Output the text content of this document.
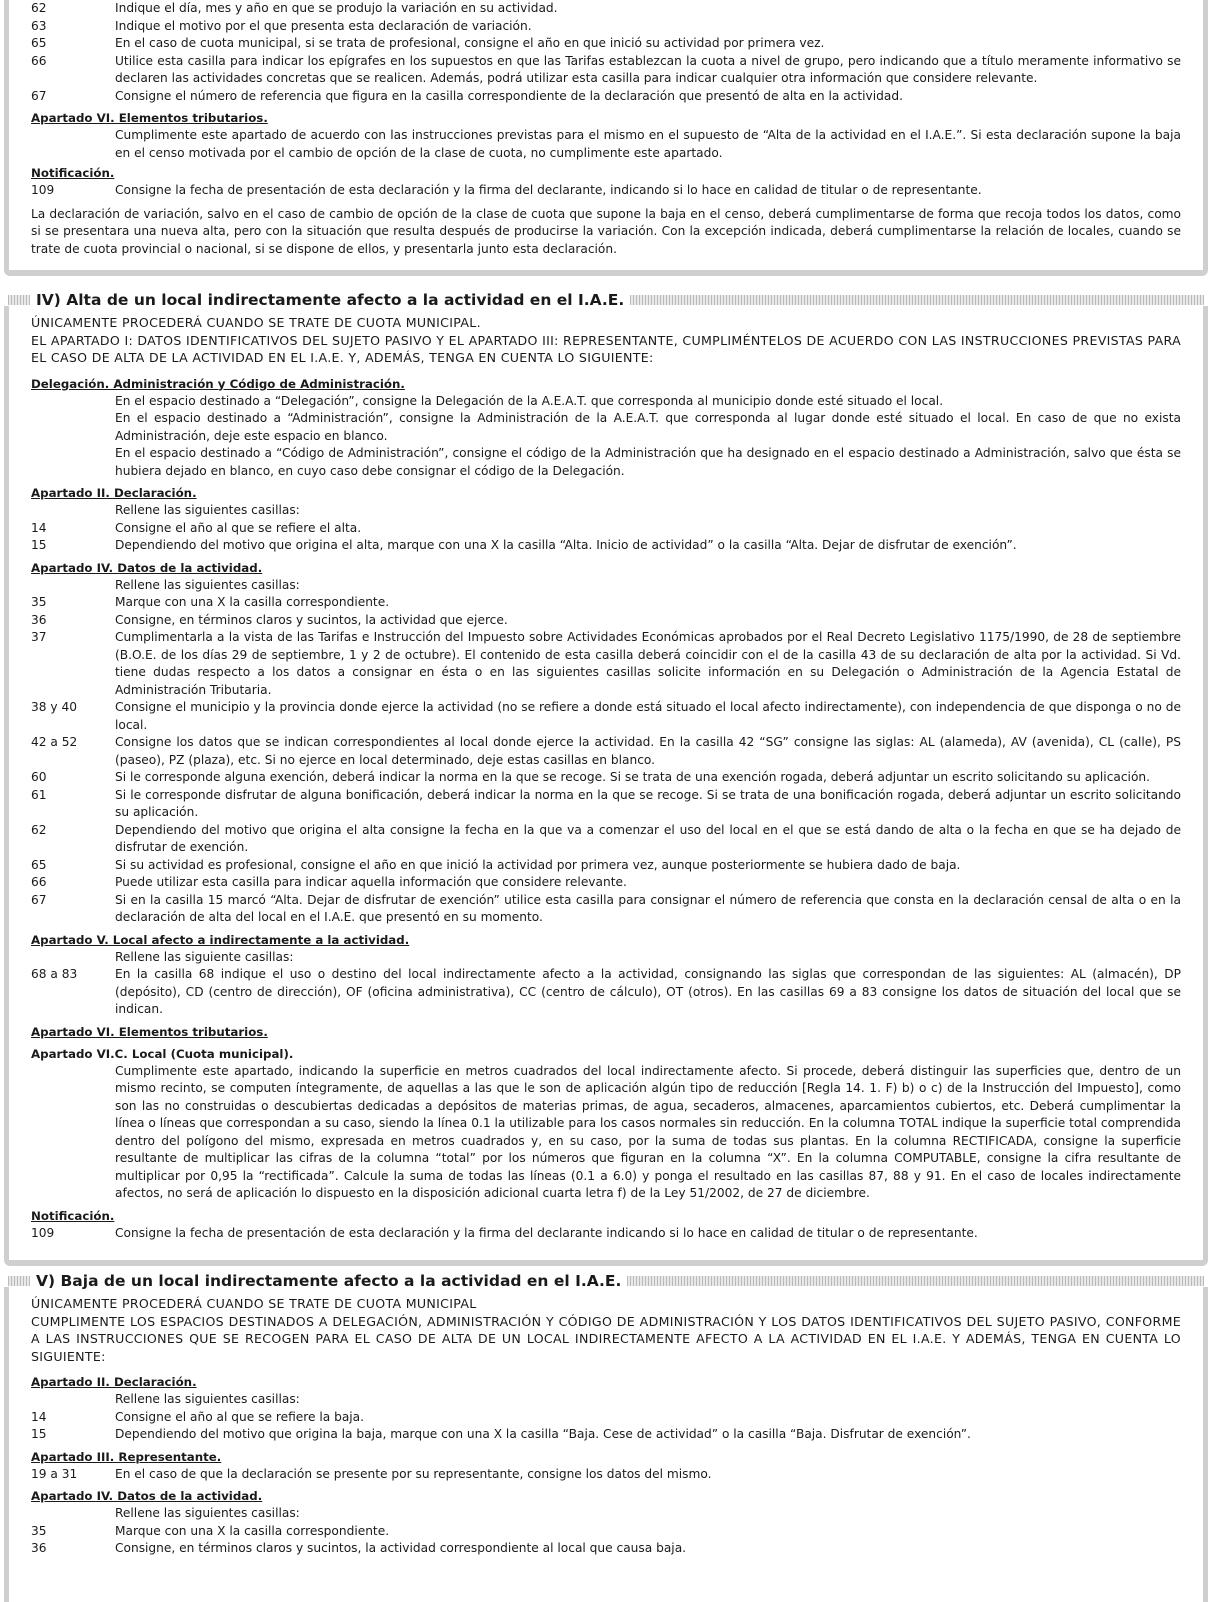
62	Indique el día, mes y año en que se produjo la variación en su actividad.
63	Indique el motivo por el que presenta esta declaración de variación.
65	En el caso de cuota municipal, si se trata de profesional, consigne el año en que inició su actividad por primera vez.
66	Utilice esta casilla para indicar los epígrafes en los supuestos en que las Tarifas establezcan la cuota a nivel de grupo, pero indicando que a título meramente informativo se declaren las actividades concretas que se realicen. Además, podrá utilizar esta casilla para indicar cualquier otra información que considere relevante.
67	Consigne el número de referencia que figura en la casilla correspondiente de la declaración que presentó de alta en la actividad.
Apartado VI. Elementos tributarios.
Cumplimente este apartado de acuerdo con las instrucciones previstas para el mismo en el supuesto de “Alta de la actividad en el I.A.E.”. Si esta declaración supone la baja en el censo motivada por el cambio de opción de la clase de cuota, no cumplimente este apartado.
Notificación.
109	Consigne la fecha de presentación de esta declaración y la firma del declarante, indicando si lo hace en calidad de titular o de representante.
La declaración de variación, salvo en el caso de cambio de opción de la clase de cuota que supone la baja en el censo, deberá cumplimentarse de forma que recoja todos los datos, como si se presentara una nueva alta, pero con la situación que resulta después de producirse la variación. Con la excepción indicada, deberá cumplimentarse la relación de locales, cuando se trate de cuota provincial o nacional, si se dispone de ellos, y presentarla junto esta declaración.
IV) Alta de un local indirectamente afecto a la actividad en el I.A.E.
ÚNICAMENTE PROCEDERÁ CUANDO SE TRATE DE CUOTA MUNICIPAL.
EL APARTADO I: DATOS IDENTIFICATIVOS DEL SUJETO PASIVO Y EL APARTADO III: REPRESENTANTE, CUMPLIMÉNTELOS DE ACUERDO CON LAS INSTRUCCIONES PREVISTAS PARA EL CASO DE ALTA DE LA ACTIVIDAD EN EL I.A.E. Y, ADEMÁS, TENGA EN CUENTA LO SIGUIENTE:
Delegación. Administración y Código de Administración.
En el espacio destinado a “Delegación”, consigne la Delegación de la A.E.A.T. que corresponda al municipio donde esté situado el local.
En el espacio destinado a “Administración”, consigne la Administración de la A.E.A.T. que corresponda al lugar donde esté situado el local. En caso de que no exista Administración, deje este espacio en blanco.
En el espacio destinado a “Código de Administración”, consigne el código de la Administración que ha designado en el espacio destinado a Administración, salvo que ésta se hubiera dejado en blanco, en cuyo caso debe consignar el código de la Delegación.
Apartado II. Declaración.
Rellene las siguientes casillas:
14	Consigne el año al que se refiere el alta.
15	Dependiendo del motivo que origina el alta, marque con una X la casilla “Alta. Inicio de actividad” o la casilla “Alta. Dejar de disfrutar de exención”.
Apartado IV. Datos de la actividad.
Rellene las siguientes casillas:
35	Marque con una X la casilla correspondiente.
36	Consigne, en términos claros y sucintos, la actividad que ejerce.
37	Cumplimentarla a la vista de las Tarifas e Instrucción del Impuesto sobre Actividades Económicas aprobados por el Real Decreto Legislativo 1175/1990, de 28 de septiembre (B.O.E. de los días 29 de septiembre, 1 y 2 de octubre). El contenido de esta casilla deberá coincidir con el de la casilla 43 de su declaración de alta por la actividad. Si Vd. tiene dudas respecto a los datos a consignar en ésta o en las siguientes casillas solicite información en su Delegación o Administración de la Agencia Estatal de Administración Tributaria.
38 y 40	Consigne el municipio y la provincia donde ejerce la actividad (no se refiere a donde está situado el local afecto indirectamente), con independencia de que disponga o no de local.
42 a 52	Consigne los datos que se indican correspondientes al local donde ejerce la actividad. En la casilla 42 “SG” consigne las siglas: AL (alameda), AV (avenida), CL (calle), PS (paseo), PZ (plaza), etc. Si no ejerce en local determinado, deje estas casillas en blanco.
60	Si le corresponde alguna exención, deberá indicar la norma en la que se recoge. Si se trata de una exención rogada, deberá adjuntar un escrito solicitando su aplicación.
61	Si le corresponde disfrutar de alguna bonificación, deberá indicar la norma en la que se recoge. Si se trata de una bonificación rogada, deberá adjuntar un escrito solicitando su aplicación.
62	Dependiendo del motivo que origina el alta consigne la fecha en la que va a comenzar el uso del local en el que se está dando de alta o la fecha en que se ha dejado de disfrutar de exención.
65	Si su actividad es profesional, consigne el año en que inició la actividad por primera vez, aunque posteriormente se hubiera dado de baja.
66	Puede utilizar esta casilla para indicar aquella información que considere relevante.
67	Si en la casilla 15 marcó “Alta. Dejar de disfrutar de exención” utilice esta casilla para consignar el número de referencia que consta en la declaración censal de alta o en la declaración de alta del local en el I.A.E. que presentó en su momento.
Apartado V. Local afecto a indirectamente a la actividad.
Rellene las siguiente casillas:
68 a 83	En la casilla 68 indique el uso o destino del local indirectamente afecto a la actividad, consignando las siglas que correspondan de las siguientes: AL (almacén), DP (depósito), CD (centro de dirección), OF (oficina administrativa), CC (centro de cálculo), OT (otros). En las casillas 69 a 83 consigne los datos de situación del local que se indican.
Apartado VI. Elementos tributarios.
Apartado VI.C. Local (Cuota municipal).
Cumplimente este apartado, indicando la superficie en metros cuadrados del local indirectamente afecto. Si procede, deberá distinguir las superficies que, dentro de un mismo recinto, se computen íntegramente, de aquellas a las que le son de aplicación algún tipo de reducción [Regla 14. 1. F) b) o c) de la Instrucción del Impuesto], como son las no construidas o descubiertas dedicadas a depósitos de materias primas, de agua, secaderos, almacenes, aparcamientos cubiertos, etc. Deberá cumplimentar la línea o líneas que correspondan a su caso, siendo la línea 0.1 la utilizable para los casos normales sin reducción. En la columna TOTAL indique la superficie total comprendida dentro del polígono del mismo, expresada en metros cuadrados y, en su caso, por la suma de todas sus plantas. En la columna RECTIFICADA, consigne la superficie resultante de multiplicar las cifras de la columna “total” por los números que figuran en la columna “X”. En la columna COMPUTABLE, consigne la cifra resultante de multiplicar por 0,95 la “rectificada”. Calcule la suma de todas las líneas (0.1 a 6.0) y ponga el resultado en las casillas 87, 88 y 91. En el caso de locales indirectamente afectos, no será de aplicación lo dispuesto en la disposición adicional cuarta letra f) de la Ley 51/2002, de 27 de diciembre.
Notificación.
109	Consigne la fecha de presentación de esta declaración y la firma del declarante indicando si lo hace en calidad de titular o de representante.
V) Baja de un local indirectamente afecto a la actividad en el I.A.E.
ÚNICAMENTE PROCEDERÁ CUANDO SE TRATE DE CUOTA MUNICIPAL
CUMPLIMENTE LOS ESPACIOS DESTINADOS A DELEGACIÓN, ADMINISTRACIÓN Y CÓDIGO DE ADMINISTRACIÓN Y LOS DATOS IDENTIFICATIVOS DEL SUJETO PASIVO, CONFORME A LAS INSTRUCCIONES QUE SE RECOGEN PARA EL CASO DE ALTA DE UN LOCAL INDIRECTAMENTE AFECTO A LA ACTIVIDAD EN EL I.A.E. Y ADEMÁS, TENGA EN CUENTA LO SIGUIENTE:
Apartado II. Declaración.
Rellene las siguientes casillas:
14	Consigne el año al que se refiere la baja.
15	Dependiendo del motivo que origina la baja, marque con una X la casilla “Baja. Cese de actividad” o la casilla “Baja. Disfrutar de exención”.
Apartado III. Representante.
19 a 31	En el caso de que la declaración se presente por su representante, consigne los datos del mismo.
Apartado IV. Datos de la actividad.
Rellene las siguientes casillas:
35	Marque con una X la casilla correspondiente.
36	Consigne, en términos claros y sucintos, la actividad correspondiente al local que causa baja.
